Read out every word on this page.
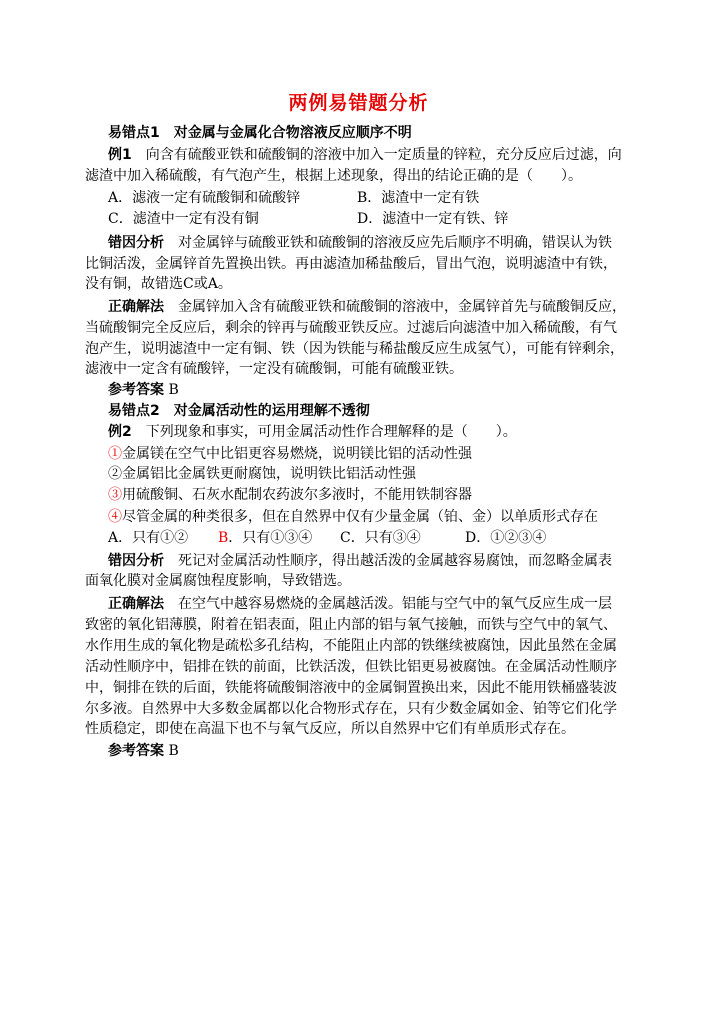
两例易错题分析
易错点1　对金属与金属化合物溶液反应顺序不明
例1　向含有硫酸亚铁和硫酸铜的溶液中加入一定质量的锌粒，充分反应后过滤，向
滤渣中加入稀硫酸，有气泡产生，根据上述现象，得出的结论正确的是（　　）。
A．滤液一定有硫酸铜和硫酸锌	B．滤渣中一定有铁
C．滤渣中一定有没有铜	D．滤渣中一定有铁、锌
错因分析　对金属锌与硫酸亚铁和硫酸铜的溶液反应先后顺序不明确，错误认为铁
比铜活泼，金属锌首先置换出铁。再由滤渣加稀盐酸后，冒出气泡，说明滤渣中有铁，
没有铜，故错选C或A。
正确解法　金属锌加入含有硫酸亚铁和硫酸铜的溶液中，金属锌首先与硫酸铜反应，
当硫酸铜完全反应后，剩余的锌再与硫酸亚铁反应。过滤后向滤渣中加入稀硫酸，有气
泡产生，说明滤渣中一定有铜、铁（因为铁能与稀盐酸反应生成氢气），可能有锌剩余，
滤液中一定含有硫酸锌，一定没有硫酸铜，可能有硫酸亚铁。
参考答案 B
易错点2　对金属活动性的运用理解不透彻
例2　下列现象和事实，可用金属活动性作合理解释的是（　　）。
①金属镁在空气中比铝更容易燃烧，说明镁比铝的活动性强
②金属铝比金属铁更耐腐蚀，说明铁比铝活动性强
③用硫酸铜、石灰水配制农药波尔多液时，不能用铁制容器
④尽管金属的种类很多，但在自然界中仅有少量金属（铂、金）以单质形式存在
A．只有①② B．只有①③④ C．只有③④	D．①②③④
错因分析　死记对金属活动性顺序，得出越活泼的金属越容易腐蚀，而忽略金属表
面氧化膜对金属腐蚀程度影响，导致错选。
正确解法　在空气中越容易燃烧的金属越活泼。铝能与空气中的氧气反应生成一层
致密的氧化铝薄膜，附着在铝表面，阻止内部的铝与氧气接触，而铁与空气中的氧气、
水作用生成的氧化物是疏松多孔结构，不能阻止内部的铁继续被腐蚀，因此虽然在金属
活动性顺序中，铝排在铁的前面，比铁活泼，但铁比铝更易被腐蚀。在金属活动性顺序
中，铜排在铁的后面，铁能将硫酸铜溶液中的金属铜置换出来，因此不能用铁桶盛装波
尔多液。自然界中大多数金属都以化合物形式存在，只有少数金属如金、铂等它们化学
性质稳定，即使在高温下也不与氧气反应，所以自然界中它们有单质形式存在。
参考答案 B
